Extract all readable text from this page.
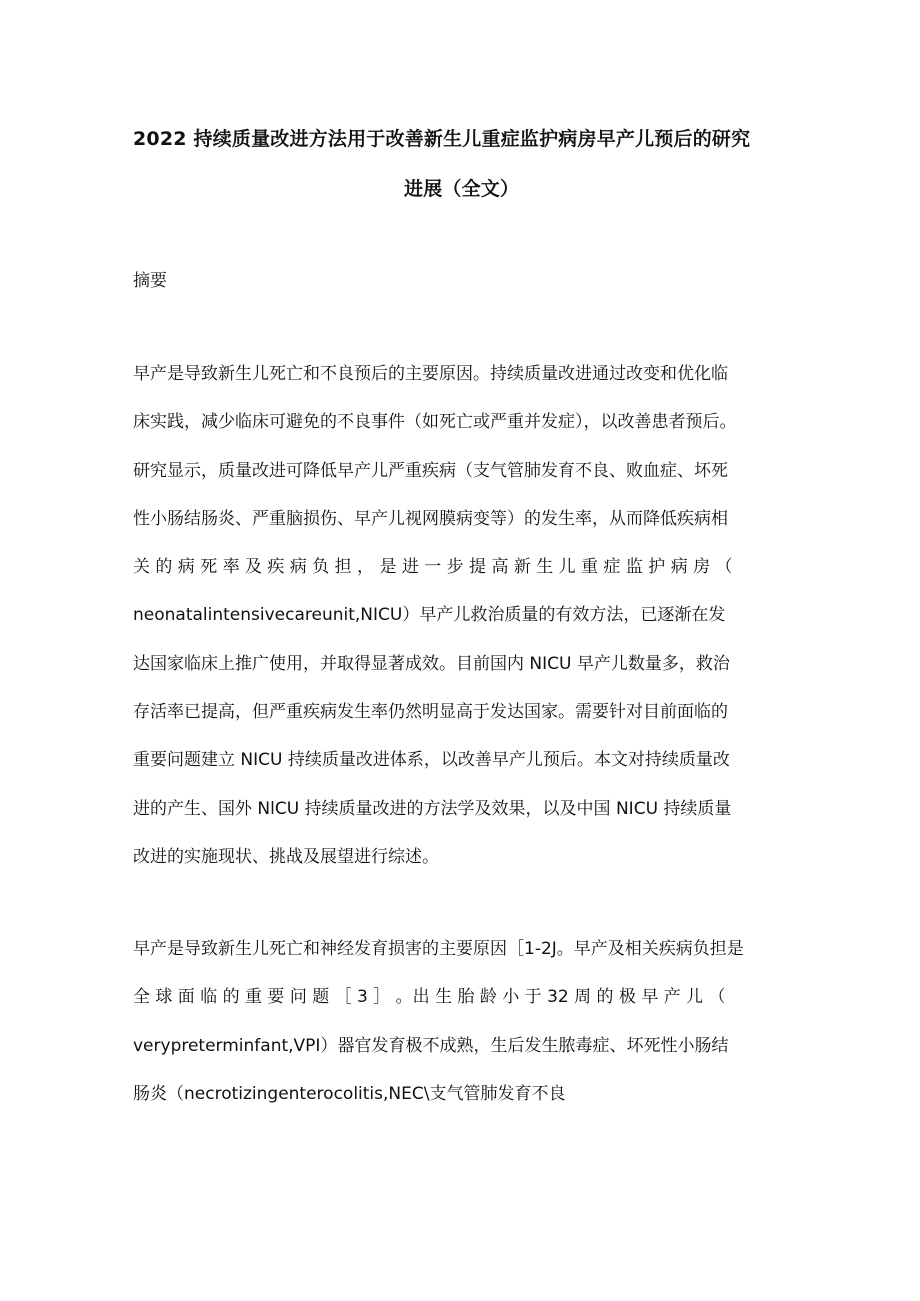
2022 持续质量改进方法用于改善新生儿重症监护病房早产儿预后的研究
进展（全文）
摘要
早产是导致新生儿死亡和不良预后的主要原因。持续质量改进通过改变和优化临
床实践，减少临床可避免的不良事件（如死亡或严重并发症），以改善患者预后。
研究显示，质量改进可降低早产儿严重疾病（支气管肺发育不良、败血症、坏死
性小肠结肠炎、严重脑损伤、早产儿视网膜病变等）的发生率，从而降低疾病相
关 的 病 死 率 及 疾 病 负 担 ， 是 进 一 步 提 高 新 生 儿 重 症 监 护 病 房 （
neonatalintensivecareunit,NICU）早产儿救治质量的有效方法，已逐渐在发
达国家临床上推广使用，并取得显著成效。目前国内 NICU 早产儿数量多，救治
存活率已提高，但严重疾病发生率仍然明显高于发达国家。需要针对目前面临的
重要问题建立 NICU 持续质量改进体系，以改善早产儿预后。本文对持续质量改
进的产生、国外 NlCU 持续质量改进的方法学及效果，以及中国 NICU 持续质量
改进的实施现状、挑战及展望进行综述。
早产是导致新生儿死亡和神经发育损害的主要原因［1-2J。早产及相关疾病负担是
全 球 面 临 的 重 要 问 题 ［ 3 ］ 。出 生 胎 龄 小 于 32 周 的 极 早 产 儿 （
verypreterminfant,VPI）器官发育极不成熟，生后发生脓毒症、坏死性小肠结
肠炎（necrotizingenterocolitis,NEC\支气管肺发育不良
